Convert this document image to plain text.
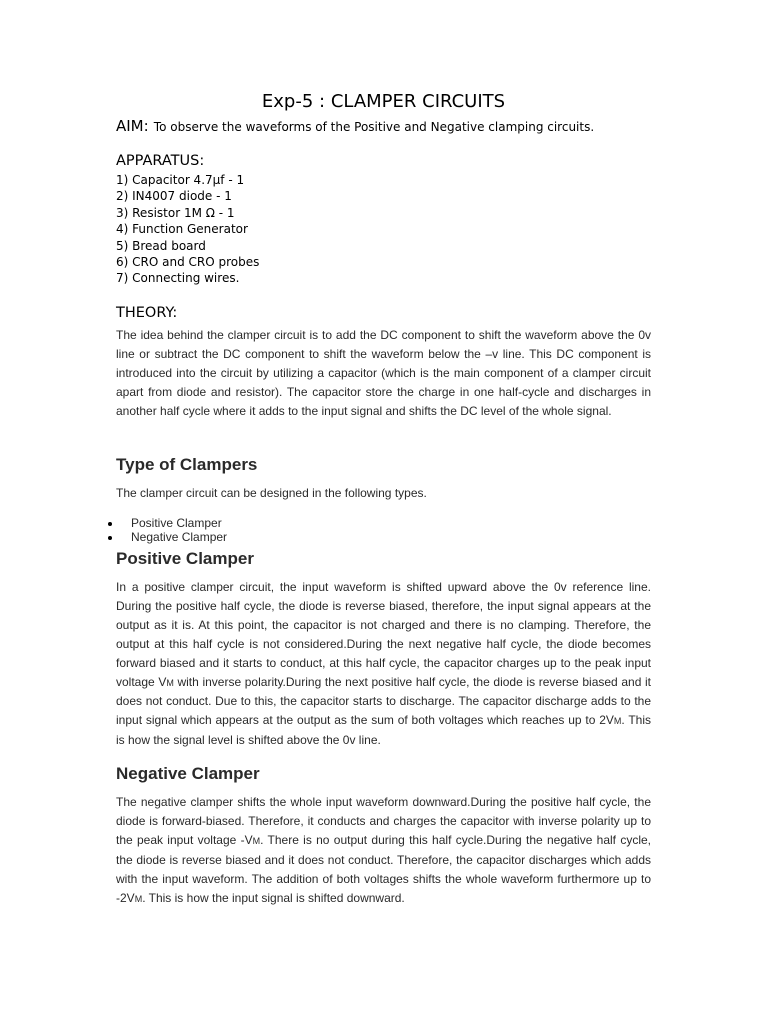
Exp-5 : CLAMPER CIRCUITS

AIM: To observe the waveforms of the Positive and Negative clamping circuits.

APPARATUS:
1) Capacitor 4.7µf - 1
2) IN4007 diode - 1
3) Resistor 1M Ω - 1
4) Function Generator
5) Bread board
6) CRO and CRO probes
7) Connecting wires.
THEORY:

The idea behind the clamper circuit is to add the DC component to shift the waveform above the 0v line or subtract the DC component to shift the waveform below the –v line. This DC component is introduced into the circuit by utilizing a capacitor (which is the main component of a clamper circuit apart from diode and resistor). The capacitor store the charge in one half-cycle and discharges in another half cycle where it adds to the input signal and shifts the DC level of the whole signal.

Type of Clampers

The clamper circuit can be designed in the following types.

Positive Clamper
Negative Clamper
Positive Clamper

In a positive clamper circuit, the input waveform is shifted upward above the 0v reference line. During the positive half cycle, the diode is reverse biased, therefore, the input signal appears at the output as it is. At this point, the capacitor is not charged and there is no clamping. Therefore, the output at this half cycle is not considered.During the next negative half cycle, the diode becomes forward biased and it starts to conduct, at this half cycle, the capacitor charges up to the peak input voltage VM with inverse polarity.During the next positive half cycle, the diode is reverse biased and it does not conduct. Due to this, the capacitor starts to discharge. The capacitor discharge adds to the input signal which appears at the output as the sum of both voltages which reaches up to 2VM. This is how the signal level is shifted above the 0v line.

Negative Clamper

The negative clamper shifts the whole input waveform downward.During the positive half cycle, the diode is forward-biased. Therefore, it conducts and charges the capacitor with inverse polarity up to the peak input voltage -VM. There is no output during this half cycle.During the negative half cycle, the diode is reverse biased and it does not conduct. Therefore, the capacitor discharges which adds with the input waveform. The addition of both voltages shifts the whole waveform furthermore up to -2VM. This is how the input signal is shifted downward.
